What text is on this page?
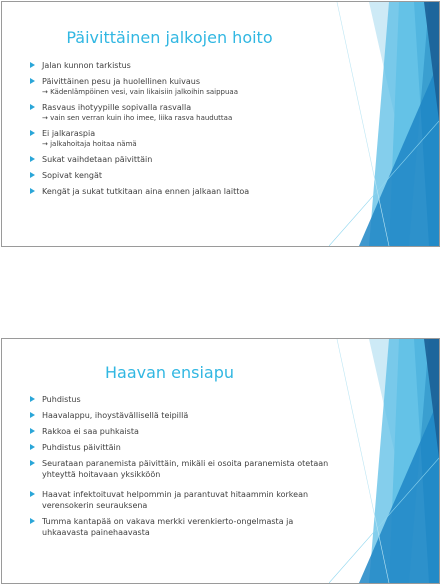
Päivittäinen jalkojen hoito
Jalan kunnon tarkistus
Päivittäinen pesu ja huolellinen kuivaus
→ Kädenlämpöinen vesi, vain likaisiin jalkoihin saippuaa
Rasvaus ihotyypille sopivalla rasvalla
→ vain sen verran kuin iho imee, liika rasva hauduttaa
Ei jalkaraspia
→ jalkahoitaja hoitaa nämä
Sukat vaihdetaan päivittäin
Sopivat kengät
Kengät ja sukat tutkitaan aina ennen jalkaan laittoa
Haavan ensiapu
Puhdistus
Haavalappu, ihoystävällisellä teipillä
Rakkoa ei saa puhkaista
Puhdistus päivittäin
Seurataan paranemista päivittäin, mikäli ei osoita paranemista otetaan yhteyttä hoitavaan yksikköön
Haavat infektoituvat helpommin ja parantuvat hitaammin korkean verensokerin seurauksena
Tumma kantapää on vakava merkki verenkierto-ongelmasta ja uhkaavasta painehaavasta
